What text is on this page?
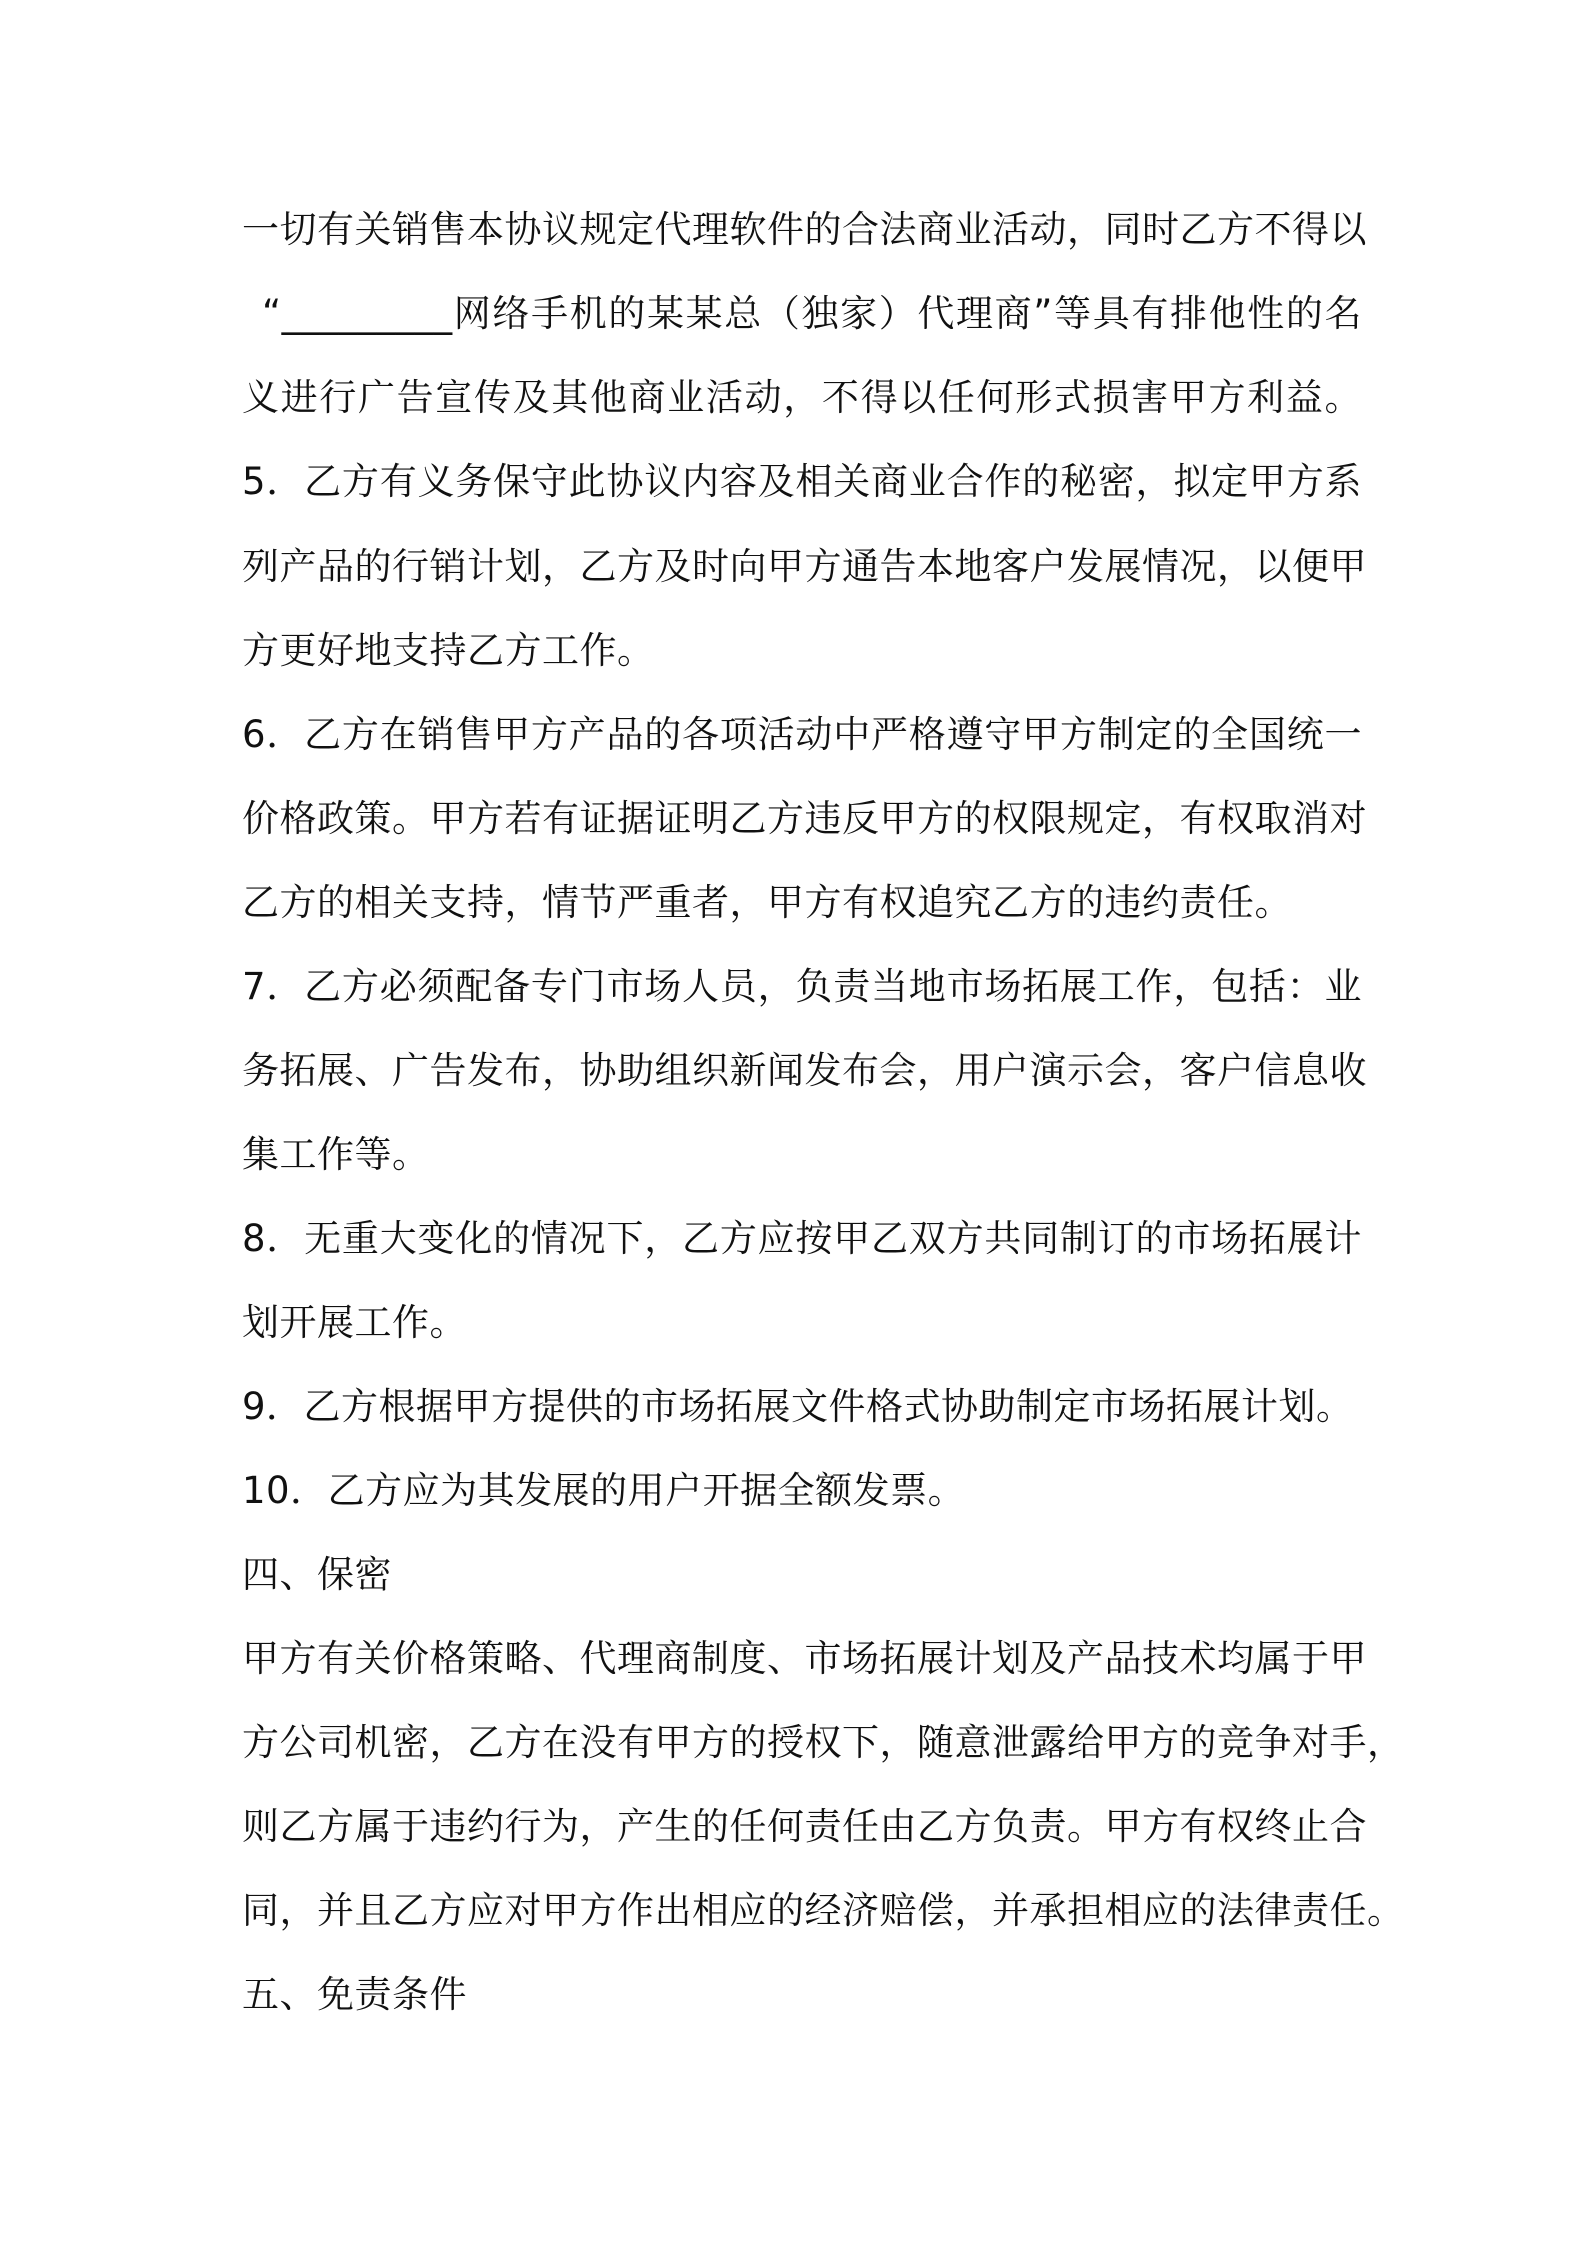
一切有关销售本协议规定代理软件的合法商业活动，同时乙方不得以
“_________网络手机的某某总（独家）代理商”等具有排他性的名
义进行广告宣传及其他商业活动，不得以任何形式损害甲方利益。
5．乙方有义务保守此协议内容及相关商业合作的秘密，拟定甲方系
列产品的行销计划，乙方及时向甲方通告本地客户发展情况，以便甲
方更好地支持乙方工作。
6．乙方在销售甲方产品的各项活动中严格遵守甲方制定的全国统一
价格政策。甲方若有证据证明乙方违反甲方的权限规定，有权取消对
乙方的相关支持，情节严重者，甲方有权追究乙方的违约责任。
7．乙方必须配备专门市场人员，负责当地市场拓展工作，包括：业
务拓展、广告发布，协助组织新闻发布会，用户演示会，客户信息收
集工作等。
8．无重大变化的情况下，乙方应按甲乙双方共同制订的市场拓展计
划开展工作。
9．乙方根据甲方提供的市场拓展文件格式协助制定市场拓展计划。
10．乙方应为其发展的用户开据全额发票。
四、保密
甲方有关价格策略、代理商制度、市场拓展计划及产品技术均属于甲
方公司机密，乙方在没有甲方的授权下，随意泄露给甲方的竞争对手，
则乙方属于违约行为，产生的任何责任由乙方负责。甲方有权终止合
同，并且乙方应对甲方作出相应的经济赔偿，并承担相应的法律责任。
五、免责条件
